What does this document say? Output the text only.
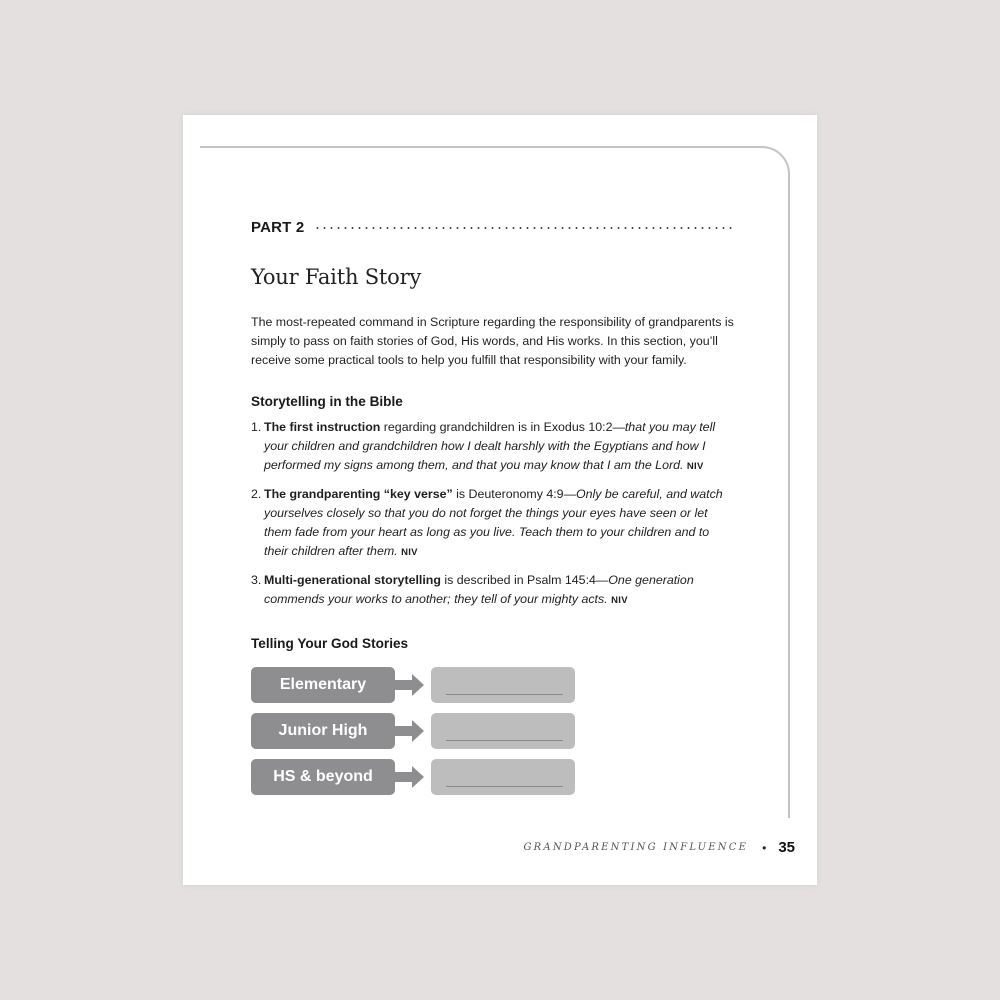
PART 2
Your Faith Story

The most-repeated command in Scripture regarding the responsibility of grandparents is simply to pass on faith stories of God, His words, and His works. In this section, you’ll receive some practical tools to help you fulfill that responsibility with your family.

Storytelling in the Bible
1. The first instruction regarding grandchildren is in Exodus 10:2—that you may tell your children and grandchildren how I dealt harshly with the Egyptians and how I performed my signs among them, and that you may know that I am the Lord. NIV
2. The grandparenting “key verse” is Deuteronomy 4:9—Only be careful, and watch yourselves closely so that you do not forget the things your eyes have seen or let them fade from your heart as long as you live. Teach them to your children and to their children after them. NIV
3. Multi-generational storytelling is described in Psalm 145:4—One generation commends your works to another; they tell of your mighty acts. NIV
Telling Your God Stories
Elementary
Junior High
HS & beyond
GRANDPARENTING INFLUENCE • 35
